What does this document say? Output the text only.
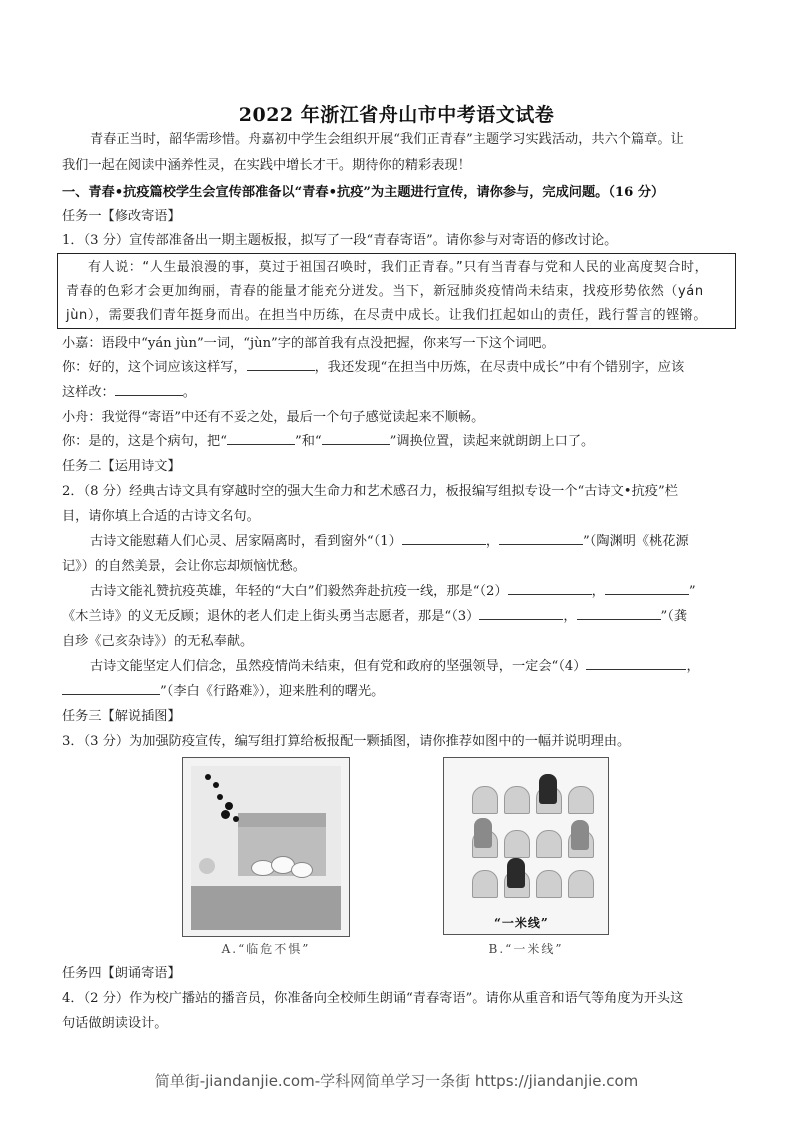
2022 年浙江省舟山市中考语文试卷
青春正当时，韶华需珍惜。舟嘉初中学生会组织开展“我们正青春”主题学习实践活动，共六个篇章。让
我们一起在阅读中涵养性灵，在实践中增长才干。期待你的精彩表现！
一、青春•抗疫篇校学生会宣传部准备以“青春•抗疫”为主题进行宣传，请你参与，完成问题。（16 分）
任务一【修改寄语】
1．（3 分）宣传部准备出一期主题板报，拟写了一段“青春寄语”。请你参与对寄语的修改讨论。
有人说：“人生最浪漫的事，莫过于祖国召唤时，我们正青春。”只有当青春与党和人民的业高度契合时，
青春的色彩才会更加绚丽，青春的能量才能充分迸发。当下，新冠肺炎疫情尚未结束，找疫形势依然（yán
jùn），需要我们青年挺身而出。在担当中历练，在尽责中成长。让我们扛起如山的责任，践行誓言的铿锵。
小嘉：语段中“yán jùn”一词，“jùn”字的部首我有点没把握，你来写一下这个词吧。
你：好的，这个词应该这样写，	，我还发现“在担当中历炼，在尽责中成长”中有个错别字，应该
这样改：	。
小舟：我觉得“寄语”中还有不妥之处，最后一个句子感觉读起来不顺畅。
你：是的，这是个病句，把“	”和“	”调换位置，读起来就朗朗上口了。
任务二【运用诗文】
2．（8 分）经典古诗文具有穿越时空的强大生命力和艺术感召力，板报编写组拟专设一个“古诗文•抗疫”栏
目，请你填上合适的古诗文名句。
古诗文能慰藉人们心灵、居家隔离时，看到窗外“（1）	，	”（陶渊明《桃花源
记》）的自然美景，会让你忘却烦恼忧愁。
古诗文能礼赞抗疫英雄，年轻的“大白”们毅然奔赴抗疫一线，那是“（2）	，	”
《木兰诗》的义无反顾；退休的老人们走上街头勇当志愿者，那是“（3）	，	”（龚
自珍《己亥杂诗》）的无私奉献。
古诗文能坚定人们信念，虽然疫情尚未结束，但有党和政府的坚强领导，一定会“（4）	，
”（李白《行路难》），迎来胜利的曙光。
任务三【解说插图】
3．（3 分）为加强防疫宣传，编写组打算给板报配一颗插图，请你推荐如图中的一幅并说明理由。
A.“临危不惧”
“一米线”
B.“一米线”
任务四【朗诵寄语】
4．（2 分）作为校广播站的播音员，你准备向全校师生朗诵“青春寄语”。请你从重音和语气等角度为开头这
句话做朗读设计。
简单街-jiandanjie.com-学科网简单学习一条街 https://jiandanjie.com
